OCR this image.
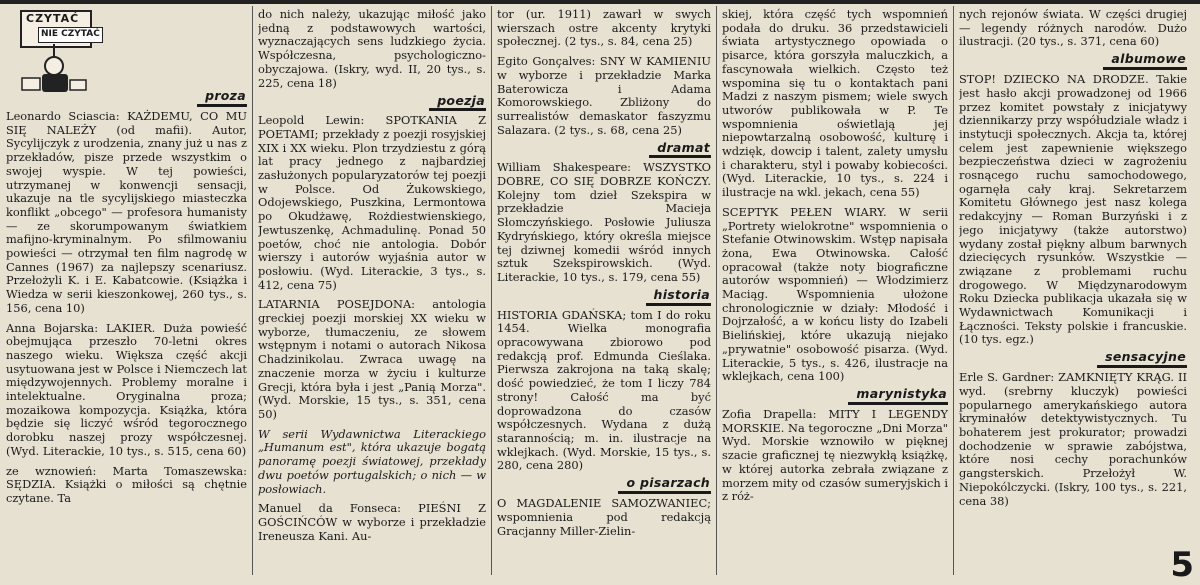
CZYTAĆ
NIE CZYTAĆ
proza

Leonardo Sciascia: KAŻDEMU, CO MU SIĘ NALEŻY (od mafii). Autor, Sycylijczyk z urodzenia, znany już u nas z przekładów, pisze przede wszystkim o swojej wyspie. W tej powieści, utrzymanej w konwencji sensacji, ukazuje na tle sycylijskiego miasteczka konflikt „obcego" — profesora humanisty — ze skorumpowanym światkiem mafijno-kryminalnym. Po sfilmowaniu powieści — otrzymał ten film nagrodę w Cannes (1967) za najlepszy scenariusz. Przełożyli K. i E. Kabatcowie. (Książka i Wiedza w serii kieszonkowej, 260 tys., s. 156, cena 10)

Anna Bojarska: LAKIER. Duża powieść obejmująca przeszło 70-letni okres naszego wieku. Większa część akcji usytuowana jest w Polsce i Niemczech lat międzywojennych. Problemy moralne i intelektualne. Oryginalna proza; mozaikowa kompozycja. Książka, która będzie się liczyć wśród tegorocznego dorobku naszej prozy współczesnej. (Wyd. Literackie, 10 tys., s. 515, cena 60)

ze wznowień: Marta Tomaszewska: SĘDZIA. Książki o miłości są chętnie czytane. Ta

do nich należy, ukazując miłość jako jedną z podstawowych wartości, wyznaczających sens ludzkiego życia. Współczesna, psychologiczno-obyczajowa. (Iskry, wyd. II, 20 tys., s. 225, cena 18)

poezja

Leopold Lewin: SPOTKANIA Z POETAMI; przekłady z poezji rosyjskiej XIX i XX wieku. Plon trzydziestu z górą lat pracy jednego z najbardziej zasłużonych popularyzatorów tej poezji w Polsce. Od Żukowskiego, Odojewskiego, Puszkina, Lermontowa po Okudżawę, Rożdiestwienskiego, Jewtuszenkę, Achmadulinę. Ponad 50 poetów, choć nie antologia. Dobór wierszy i autorów wyjaśnia autor w posłowiu. (Wyd. Literackie, 3 tys., s. 412, cena 75)

LATARNIA POSEJDONA: antologia greckiej poezji morskiej XX wieku w wyborze, tłumaczeniu, ze słowem wstępnym i notami o autorach Nikosa Chadzinikolau. Zwraca uwagę na znaczenie morza w życiu i kulturze Grecji, która była i jest „Panią Morza". (Wyd. Morskie, 15 tys., s. 351, cena 50)

W serii Wydawnictwa Literackiego „Humanum est", która ukazuje bogatą panoramę poezji światowej, przekłady dwu poetów portugalskich; o nich — w posłowiach.

Manuel da Fonseca: PIEŚNI Z GOŚCIŃCÓW w wyborze i przekładzie Ireneusza Kani. Au-

tor (ur. 1911) zawarł w swych wierszach ostre akcenty krytyki społecznej. (2 tys., s. 84, cena 25)

Egito Gonçalves: SNY W KAMIENIU w wyborze i przekładzie Marka Baterowicza i Adama Komorowskiego. Zbliżony do surrealistów demaskator faszyzmu Salazara. (2 tys., s. 68, cena 25)

dramat

William Shakespeare: WSZYSTKO DOBRE, CO SIĘ DOBRZE KOŃCZY. Kolejny tom dzieł Szekspira w przekładzie Macieja Słomczyńskiego. Posłowie Juliusza Kydryńskiego, który określa miejsce tej dziwnej komedii wśród innych sztuk Szekspirowskich. (Wyd. Literackie, 10 tys., s. 179, cena 55)

historia

HISTORIA GDAŃSKA; tom I do roku 1454. Wielka monografia opracowywana zbiorowo pod redakcją prof. Edmunda Cieślaka. Pierwsza zakrojona na taką skalę; dość powiedzieć, że tom I liczy 784 strony! Całość ma być doprowadzona do czasów współczesnych. Wydana z dużą starannością; m. in. ilustracje na wklejkach. (Wyd. Morskie, 15 tys., s. 280, cena 280)

o pisarzach

O MAGDALENIE SAMOZWANIEC; wspomnienia pod redakcją Gracjanny Miller-Zielin-

skiej, która część tych wspomnień podała do druku. 36 przedstawicieli świata artystycznego opowiada o pisarce, która gorszyła maluczkich, a fascynowała wielkich. Często też wspomina się tu o kontaktach pani Madzi z naszym pismem; wiele swych utworów publikowała w P. Te wspomnienia oświetlają jej niepowtarzalną osobowość, kulturę i wdzięk, dowcip i talent, zalety umysłu i charakteru, styl i powaby kobiecości. (Wyd. Literackie, 10 tys., s. 224 i ilustracje na wkl. jekach, cena 55)

SCEPTYK PEŁEN WIARY. W serii „Portrety wielokrotne" wspomnienia o Stefanie Otwinowskim. Wstęp napisała żona, Ewa Otwinowska. Całość opracował (także noty biograficzne autorów wspomnień) — Włodzimierz Maciąg. Wspomnienia ułożone chronologicznie w działy: Młodość i Dojrzałość, a w końcu listy do Izabeli Bielińskiej, które ukazują niejako „prywatnie" osobowość pisarza. (Wyd. Literackie, 5 tys., s. 426, ilustracje na wklejkach, cena 100)

marynistyka

Zofia Drapella: MITY I LEGENDY MORSKIE. Na tegoroczne „Dni Morza" Wyd. Morskie wznowiło w pięknej szacie graficznej tę niezwykłą książkę, w której autorka zebrała związane z morzem mity od czasów sumeryjskich i z róż-

nych rejonów świata. W części drugiej — legendy różnych narodów. Dużo ilustracji. (20 tys., s. 371, cena 60)

albumowe

STOP! DZIECKO NA DRODZE. Takie jest hasło akcji prowadzonej od 1966 przez komitet powstały z inicjatywy dziennikarzy przy współudziale władz i instytucji społecznych. Akcja ta, której celem jest zapewnienie większego bezpieczeństwa dzieci w zagrożeniu rosnącego ruchu samochodowego, ogarnęła cały kraj. Sekretarzem Komitetu Głównego jest nasz kolega redakcyjny — Roman Burzyński i z jego inicjatywy (także autorstwo) wydany został piękny album barwnych dziecięcych rysunków. Wszystkie — związane z problemami ruchu drogowego. W Międzynarodowym Roku Dziecka publikacja ukazała się w Wydawnictwach Komunikacji i Łączności. Teksty polskie i francuskie. (10 tys. egz.)

sensacyjne

Erle S. Gardner: ZAMKNIĘTY KRĄG. II wyd. (srebrny kluczyk) powieści popularnego amerykańskiego autora kryminałów detektywistycznych. Tu bohaterem jest prokurator; prowadzi dochodzenie w sprawie zabójstwa, które nosi cechy porachunków gangsterskich. Przełożył W. Niepokólczycki. (Iskry, 100 tys., s. 221, cena 38)

5
